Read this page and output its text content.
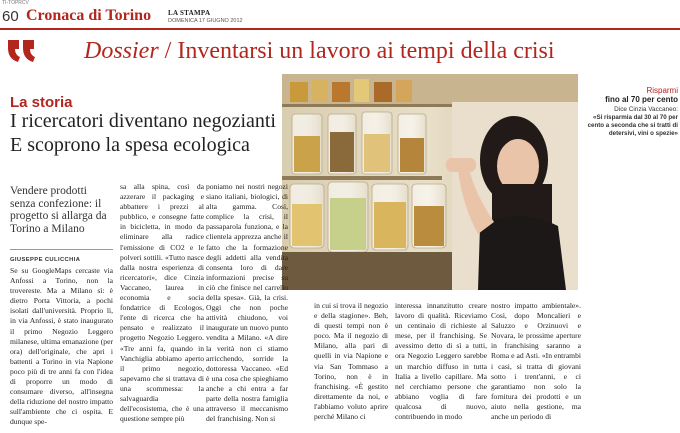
TI-TOPRCV
60 Cronaca di Torino LA STAMPA
DOMENICA 17 GIUGNO 2012
Dossier / Inventarsi un lavoro ai tempi della crisi
La storia
I ricercatori diventano negozianti
E scoprono la spesa ecologica
Risparmi
fino al 70 per cento
Dice Cinzia Vaccaneo:
«Si risparmia dal 30 al 70 per cento a seconda che si tratti di detersivi, vini o spezie»
Vendere prodotti senza confezione: il progetto si allarga da Torino a Milano
GIUSEPPE CULICCHIA

Se su GoogleMaps cercaste via Anfossi a Torino, non la trovereste. Ma a Milano sì: è dietro Porta Vittoria, a pochi isolati dall'università. Proprio lì, in via Anfossi, è stato inaugurato il primo Negozio Leggero milanese, ultima emanazione (per ora) dell'originale, che apri i battenti a Torino in via Napione poco più di tre anni fa con l'idea di proporre un modo di consumare diverso, all'insegna della riduzione del nostro impatto sull'ambiente che ci ospita. E dunque spe-

sa alla spina, così da azzerare il packaging e abbattere i prezzi al pubblico, e consegne fatte in bicicletta, in modo da eliminare alla radice l'emissione di CO2 e le polveri sottili. «Tutto nasce dalla nostra esperienza di ricercatori», dice Cinzia Vaccaneo, laurea in economia e socia fondatrice di Ecologos, l'ente di ricerca che ha pensato e realizzato il progetto Negozio Leggero. «Tre anni fa, quando in Vanchiglia abbiamo aperto il primo negozio, sapevamo che si trattava di una scommessa: la salvaguardia dell'ecosistema, che è una questione sempre più

poniamo nei nostri negozi siano italiani, biologici, di alta gamma. Così, complice la crisi, il passaparola funziona, e la clientela apprezza anche il fatto che la formazione degli addetti alla vendita consenta loro di dare informazioni precise su ciò che finisce nel carrello della spesa». Già, la crisi. Oggi che non poche attività chiudono, voi inaugurate un nuovo punto vendita a Milano. «A dire la verità non ci stiamo arricchendo, sorride la dottoressa Vaccaneo. «Ed è una cosa che spieghiamo anche a chi entra a far parte della nostra famiglia attraverso il meccanismo del franchising. Non si

in cui si trova il negozio e della stagione». Beh, di questi tempi non è poco. Ma il negozio di Milano, alla pari di quelli in via Napione e via San Tommaso a Torino, non è in franchising. «È gestito direttamente da noi, e l'abbiamo voluto aprire perché Milano ci

interessa innanzitutto creare lavoro di qualità. Riceviamo un centinaio di richieste al mese, per il franchising. Se avessimo detto di sì a tutti, ora Negozio Leggero sarebbe un marchio diffuso in tutta Italia a livello capillare. Ma nel cerchiamo persone che abbiano voglia di fare qualcosa di nuovo, contribuendo in modo

nostro impatto ambientale». Così, dopo Moncalieri e Saluzzo e Orzinuovi e Novara, le prossime aperture in franchising saranno a Roma e ad Asti. «In entrambi i casi, si tratta di giovani sotto i trent'anni, e ci garantiamo non solo la fornitura dei prodotti e un aiuto nella gestione, ma anche un periodo di
